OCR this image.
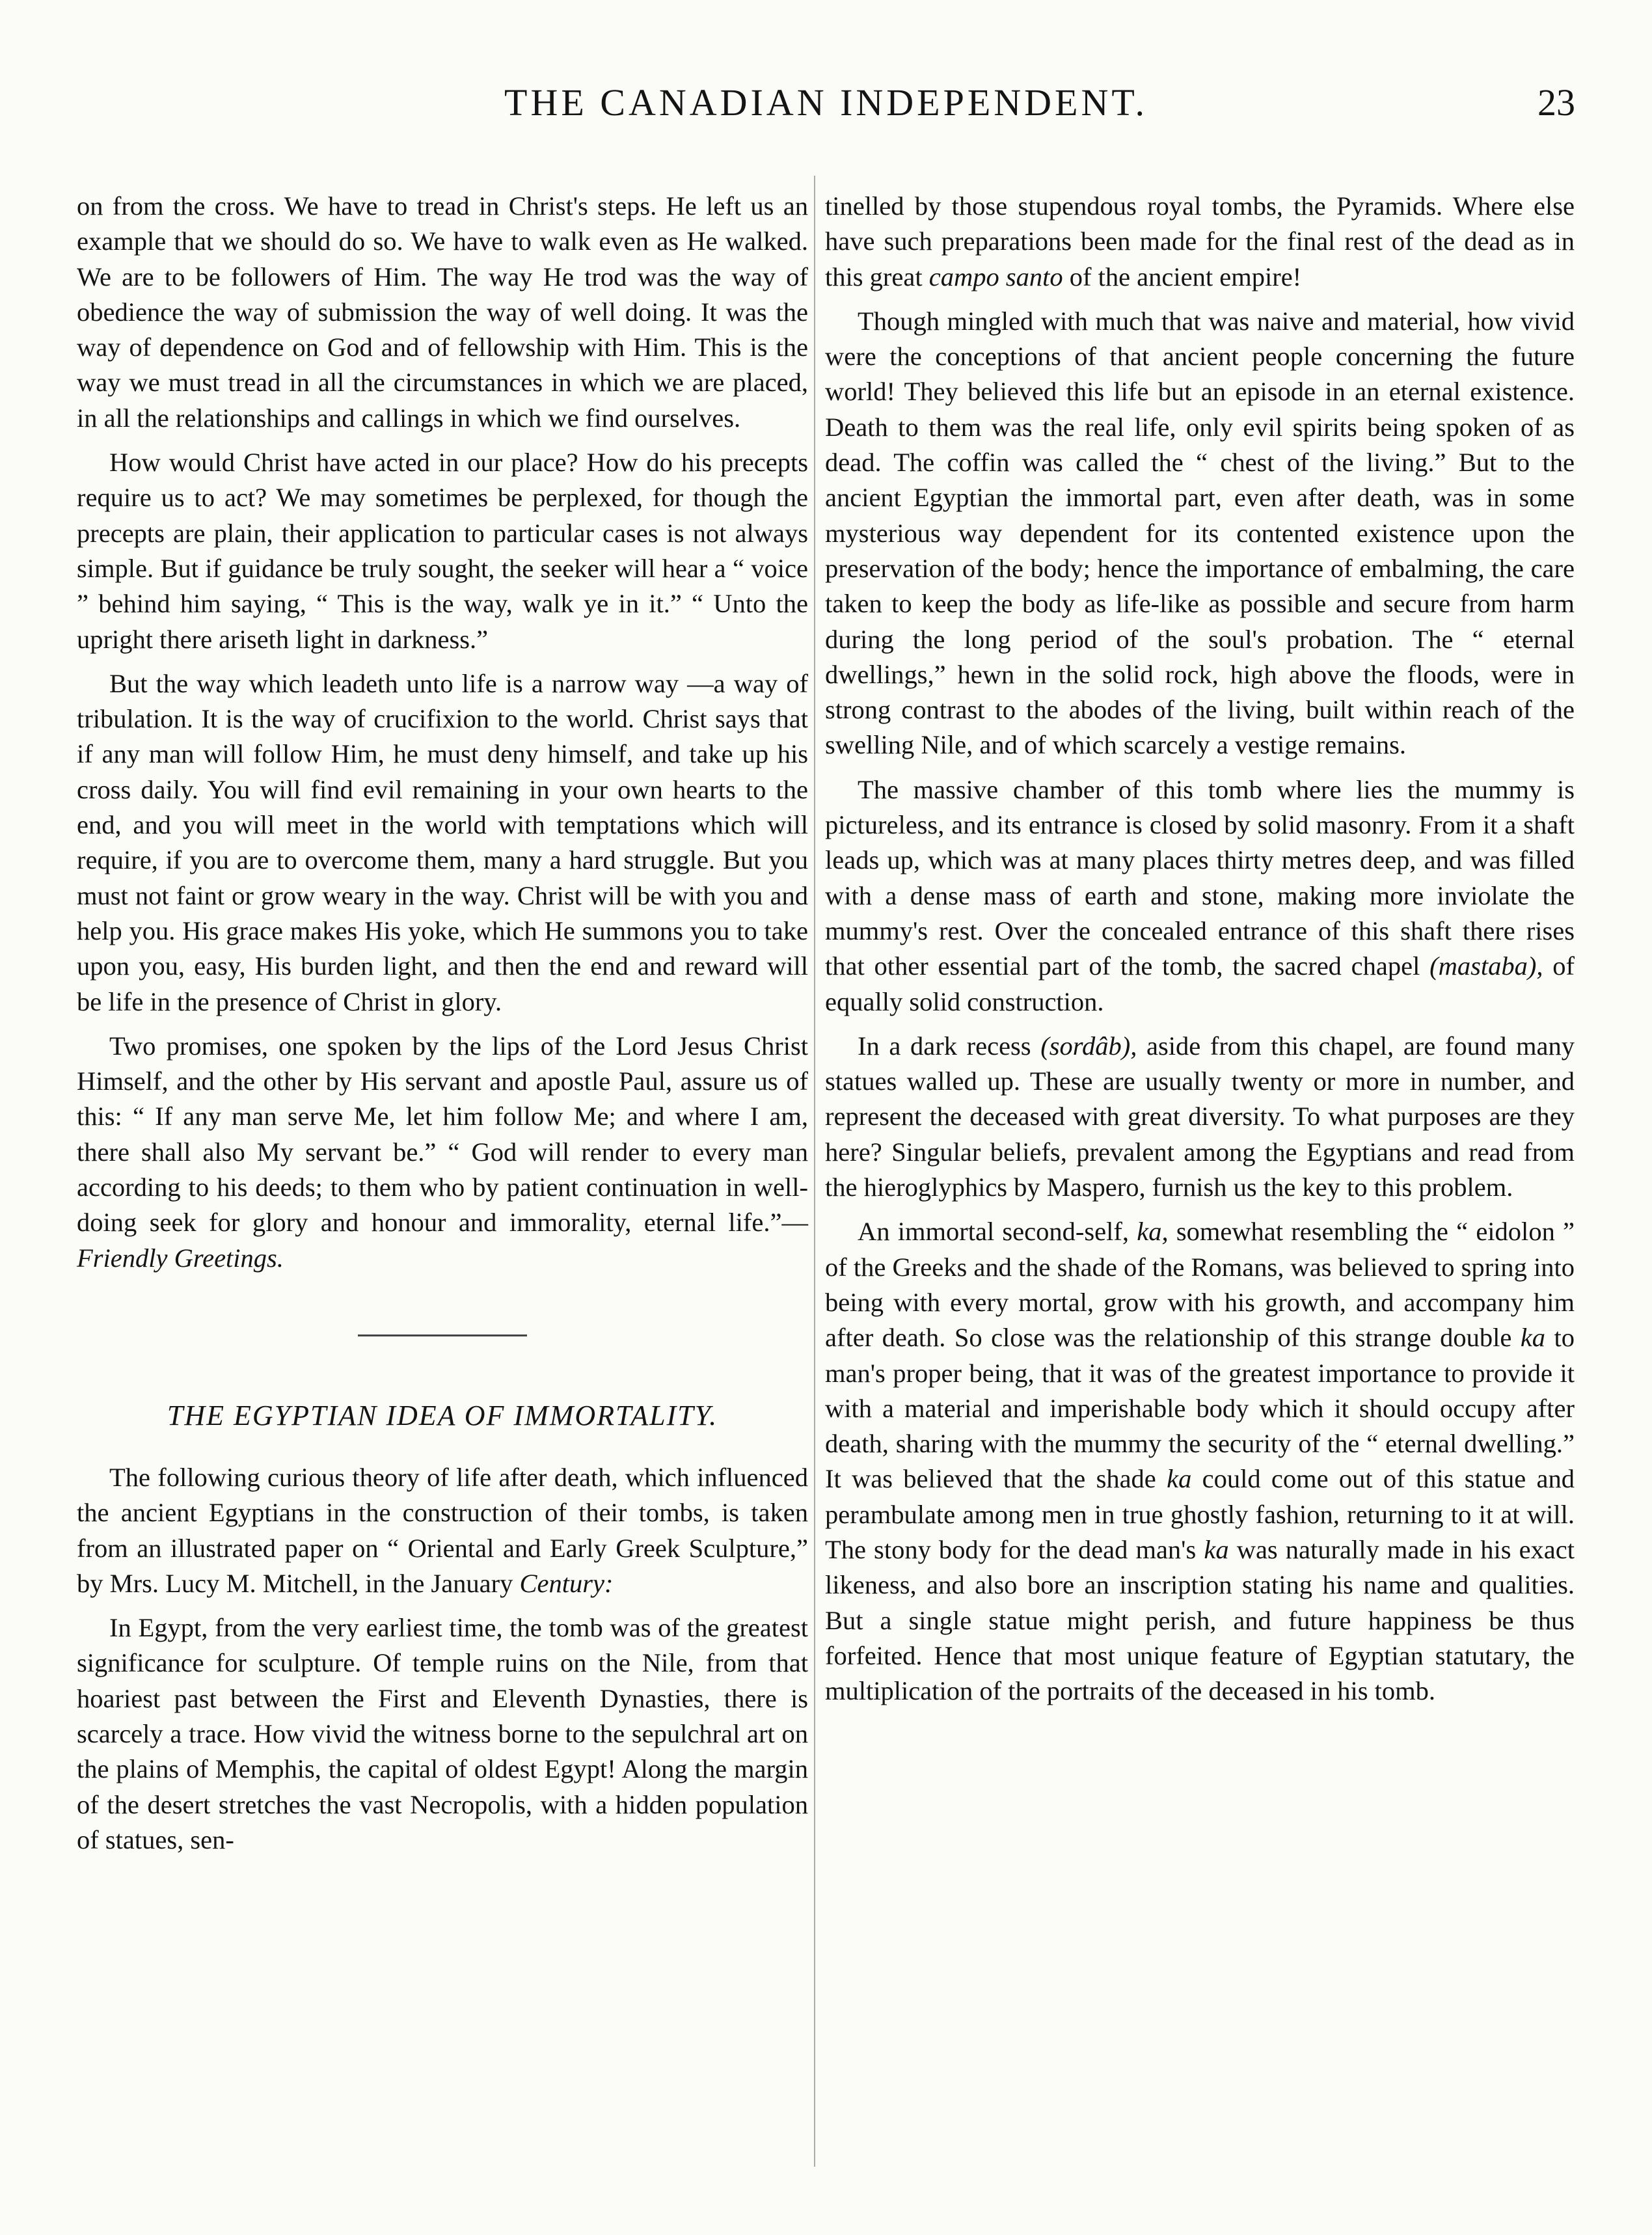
THE CANADIAN INDEPENDENT.	23

on from the cross. We have to tread in Christ's steps. He left us an example that we should do so. We have to walk even as He walked. We are to be followers of Him. The way He trod was the way of obedience the way of submission the way of well doing. It was the way of dependence on God and of fellowship with Him. This is the way we must tread in all the circumstances in which we are placed, in all the relationships and callings in which we find ourselves.

How would Christ have acted in our place? How do his precepts require us to act? We may sometimes be perplexed, for though the precepts are plain, their application to particular cases is not always simple. But if guidance be truly sought, the seeker will hear a “ voice ” behind him saying, “ This is the way, walk ye in it.” “ Unto the upright there ariseth light in darkness.”

But the way which leadeth unto life is a narrow way —a way of tribulation. It is the way of crucifixion to the world. Christ says that if any man will follow Him, he must deny himself, and take up his cross daily. You will find evil remaining in your own hearts to the end, and you will meet in the world with temptations which will require, if you are to overcome them, many a hard struggle. But you must not faint or grow weary in the way. Christ will be with you and help you. His grace makes His yoke, which He summons you to take upon you, easy, His burden light, and then the end and reward will be life in the presence of Christ in glory.

Two promises, one spoken by the lips of the Lord Jesus Christ Himself, and the other by His servant and apostle Paul, assure us of this: “ If any man serve Me, let him follow Me; and where I am, there shall also My servant be.” “ God will render to every man according to his deeds; to them who by patient continuation in well-doing seek for glory and honour and immorality, eternal life.”—Friendly Greetings.

THE EGYPTIAN IDEA OF IMMORTALITY.

The following curious theory of life after death, which influenced the ancient Egyptians in the construction of their tombs, is taken from an illustrated paper on “ Oriental and Early Greek Sculpture,” by Mrs. Lucy M. Mitchell, in the January Century:

In Egypt, from the very earliest time, the tomb was of the greatest significance for sculpture. Of temple ruins on the Nile, from that hoariest past between the First and Eleventh Dynasties, there is scarcely a trace. How vivid the witness borne to the sepulchral art on the plains of Memphis, the capital of oldest Egypt! Along the margin of the desert stretches the vast Necropolis, with a hidden population of statues, sen-

tinelled by those stupendous royal tombs, the Pyramids. Where else have such preparations been made for the final rest of the dead as in this great campo santo of the ancient empire!

Though mingled with much that was naive and material, how vivid were the conceptions of that ancient people concerning the future world! They believed this life but an episode in an eternal existence. Death to them was the real life, only evil spirits being spoken of as dead. The coffin was called the “ chest of the living.” But to the ancient Egyptian the immortal part, even after death, was in some mysterious way dependent for its contented existence upon the preservation of the body; hence the importance of embalming, the care taken to keep the body as life-like as possible and secure from harm during the long period of the soul's probation. The “ eternal dwellings,” hewn in the solid rock, high above the floods, were in strong contrast to the abodes of the living, built within reach of the swelling Nile, and of which scarcely a vestige remains.

The massive chamber of this tomb where lies the mummy is pictureless, and its entrance is closed by solid masonry. From it a shaft leads up, which was at many places thirty metres deep, and was filled with a dense mass of earth and stone, making more inviolate the mummy's rest. Over the concealed entrance of this shaft there rises that other essential part of the tomb, the sacred chapel (mastaba), of equally solid construction.

In a dark recess (sordâb), aside from this chapel, are found many statues walled up. These are usually twenty or more in number, and represent the deceased with great diversity. To what purposes are they here? Singular beliefs, prevalent among the Egyptians and read from the hieroglyphics by Maspero, furnish us the key to this problem.

An immortal second-self, ka, somewhat resembling the “ eidolon ” of the Greeks and the shade of the Romans, was believed to spring into being with every mortal, grow with his growth, and accompany him after death. So close was the relationship of this strange double ka to man's proper being, that it was of the greatest importance to provide it with a material and imperishable body which it should occupy after death, sharing with the mummy the security of the “ eternal dwelling.” It was believed that the shade ka could come out of this statue and perambulate among men in true ghostly fashion, returning to it at will. The stony body for the dead man's ka was naturally made in his exact likeness, and also bore an inscription stating his name and qualities. But a single statue might perish, and future happiness be thus forfeited. Hence that most unique feature of Egyptian statutary, the multiplication of the portraits of the deceased in his tomb.
